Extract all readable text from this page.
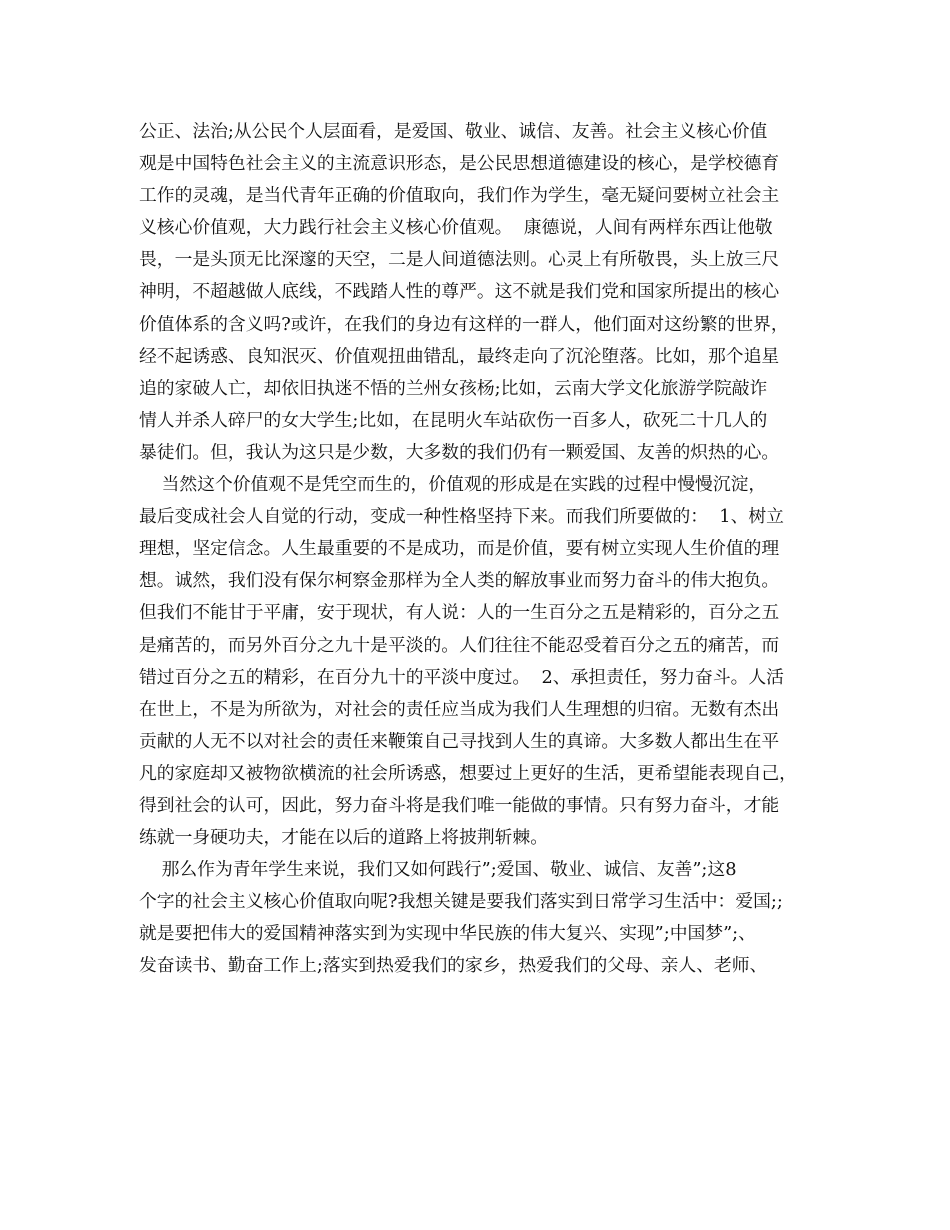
公正、法治;从公民个人层面看，是爱国、敬业、诚信、友善。社会主义核心价值
观是中国特色社会主义的主流意识形态，是公民思想道德建设的核心，是学校德育
工作的灵魂，是当代青年正确的价值取向，我们作为学生，毫无疑问要树立社会主
义核心价值观，大力践行社会主义核心价值观。  康德说，人间有两样东西让他敬
畏，一是头顶无比深邃的天空，二是人间道德法则。心灵上有所敬畏，头上放三尺
神明，不超越做人底线，不践踏人性的尊严。这不就是我们党和国家所提出的核心
价值体系的含义吗?或许，在我们的身边有这样的一群人，他们面对这纷繁的世界，
经不起诱惑、良知泯灭、价值观扭曲错乱，最终走向了沉沦堕落。比如，那个追星
追的家破人亡，却依旧执迷不悟的兰州女孩杨;比如，云南大学文化旅游学院敲诈
情人并杀人碎尸的女大学生;比如，在昆明火车站砍伤一百多人，砍死二十几人的
暴徒们。但，我认为这只是少数，大多数的我们仍有一颗爱国、友善的炽热的心。
当然这个价值观不是凭空而生的，价值观的形成是在实践的过程中慢慢沉淀，
最后变成社会人自觉的行动，变成一种性格坚持下来。而我们所要做的：  1、树立
理想，坚定信念。人生最重要的不是成功，而是价值，要有树立实现人生价值的理
想。诚然，我们没有保尔柯察金那样为全人类的解放事业而努力奋斗的伟大抱负。
但我们不能甘于平庸，安于现状，有人说：人的一生百分之五是精彩的，百分之五
是痛苦的，而另外百分之九十是平淡的。人们往往不能忍受着百分之五的痛苦，而
错过百分之五的精彩，在百分九十的平淡中度过。  2、承担责任，努力奋斗。人活
在世上，不是为所欲为，对社会的责任应当成为我们人生理想的归宿。无数有杰出
贡献的人无不以对社会的责任来鞭策自己寻找到人生的真谛。大多数人都出生在平
凡的家庭却又被物欲横流的社会所诱惑，想要过上更好的生活，更希望能表现自己，
得到社会的认可，因此，努力奋斗将是我们唯一能做的事情。只有努力奋斗，才能
练就一身硬功夫，才能在以后的道路上将披荆斩棘。
那么作为青年学生来说，我们又如何践行”;爱国、敬业、诚信、友善”;这8
个字的社会主义核心价值取向呢?我想关键是要我们落实到日常学习生活中：爱国;;
就是要把伟大的爱国精神落实到为实现中华民族的伟大复兴、实现”;中国梦”;、
发奋读书、勤奋工作上;落实到热爱我们的家乡，热爱我们的父母、亲人、老师、
